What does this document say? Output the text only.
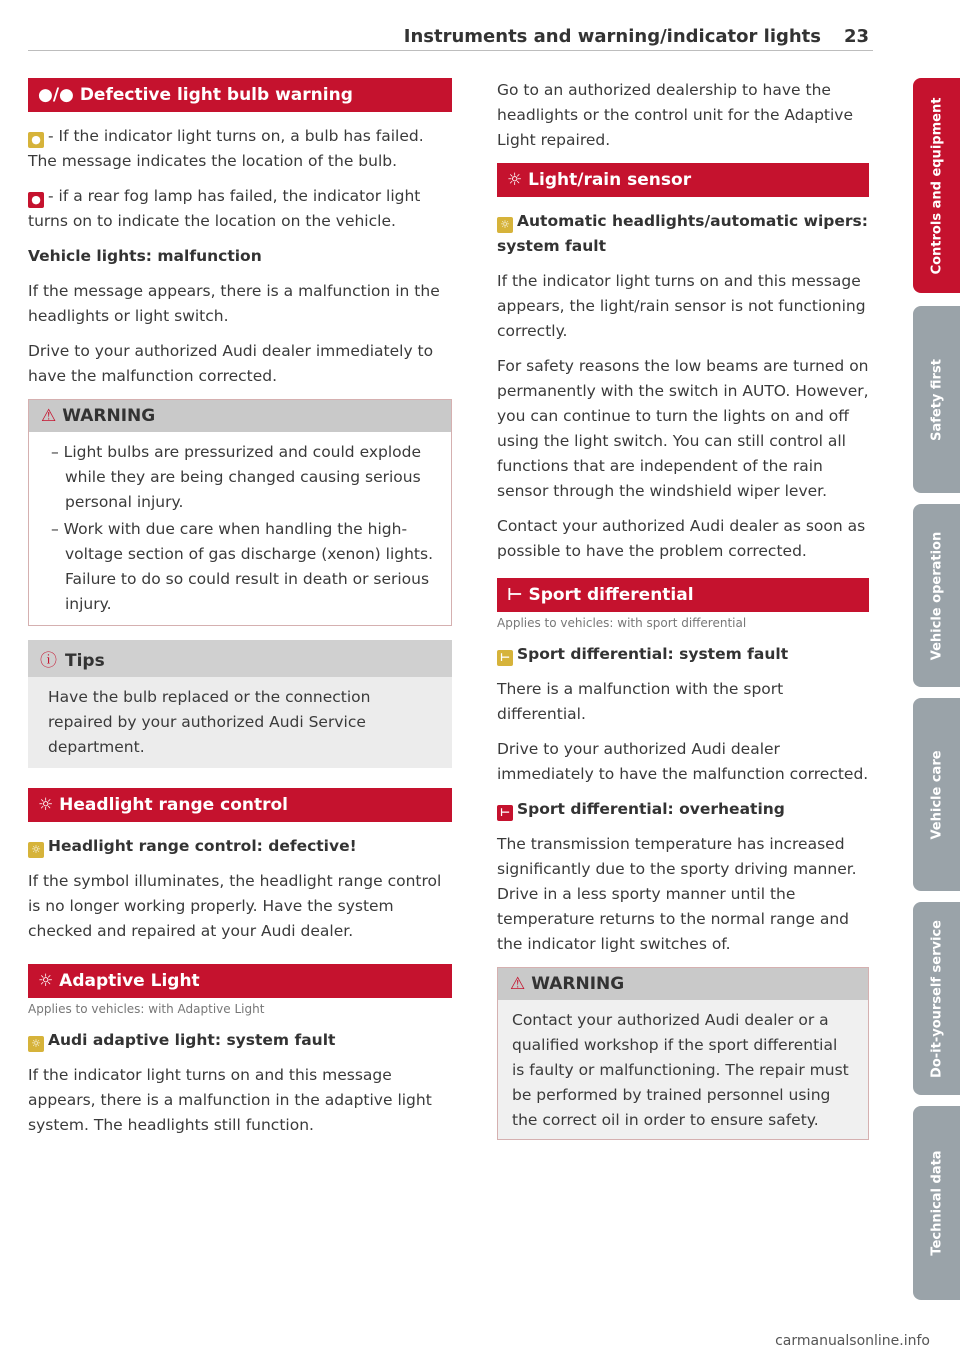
Instruments and warning/indicator lights 23
●/● Defective light bulb warning

● - If the indicator light turns on, a bulb has failed. The message indicates the location of the bulb.

● - if a rear fog lamp has failed, the indicator light turns on to indicate the location on the vehicle.

Vehicle lights: malfunction

If the message appears, there is a malfunction in the headlights or light switch.

Drive to your authorized Audi dealer immediately to have the malfunction corrected.

⚠ WARNING
– Light bulbs are pressurized and could explode while they are being changed causing serious personal injury.
– Work with due care when handling the high-voltage section of gas discharge (xenon) lights. Failure to do so could result in death or serious injury.
ⓘ Tips
Have the bulb replaced or the connection repaired by your authorized Audi Service department.
☼ Headlight range control
☼ Headlight range control: defective!

If the symbol illuminates, the headlight range control is no longer working properly. Have the system checked and repaired at your Audi dealer.

☼ Adaptive Light
Applies to vehicles: with Adaptive Light
☼ Audi adaptive light: system fault

If the indicator light turns on and this message appears, there is a malfunction in the adaptive light system. The headlights still function.

Go to an authorized dealership to have the headlights or the control unit for the Adaptive Light repaired.

☼ Light/rain sensor
☼ Automatic headlights/automatic wipers: system fault

If the indicator light turns on and this message appears, the light/rain sensor is not functioning correctly.

For safety reasons the low beams are turned on permanently with the switch in AUTO. However, you can continue to turn the lights on and off using the light switch. You can still control all functions that are independent of the rain sensor through the windshield wiper lever.

Contact your authorized Audi dealer as soon as possible to have the problem corrected.

⊢ Sport differential
Applies to vehicles: with sport differential
⊢ Sport differential: system fault

There is a malfunction with the sport differential.

Drive to your authorized Audi dealer immediately to have the malfunction corrected.

⊢ Sport differential: overheating

The transmission temperature has increased significantly due to the sporty driving manner. Drive in a less sporty manner until the temperature returns to the normal range and the indicator light switches of.

⚠ WARNING
Contact your authorized Audi dealer or a qualified workshop if the sport differential is faulty or malfunctioning. The repair must be performed by trained personnel using the correct oil in order to ensure safety.
Controls and equipment
Safety first
Vehicle operation
Vehicle care
Do-it-yourself service
Technical data
carmanualsonline.info
